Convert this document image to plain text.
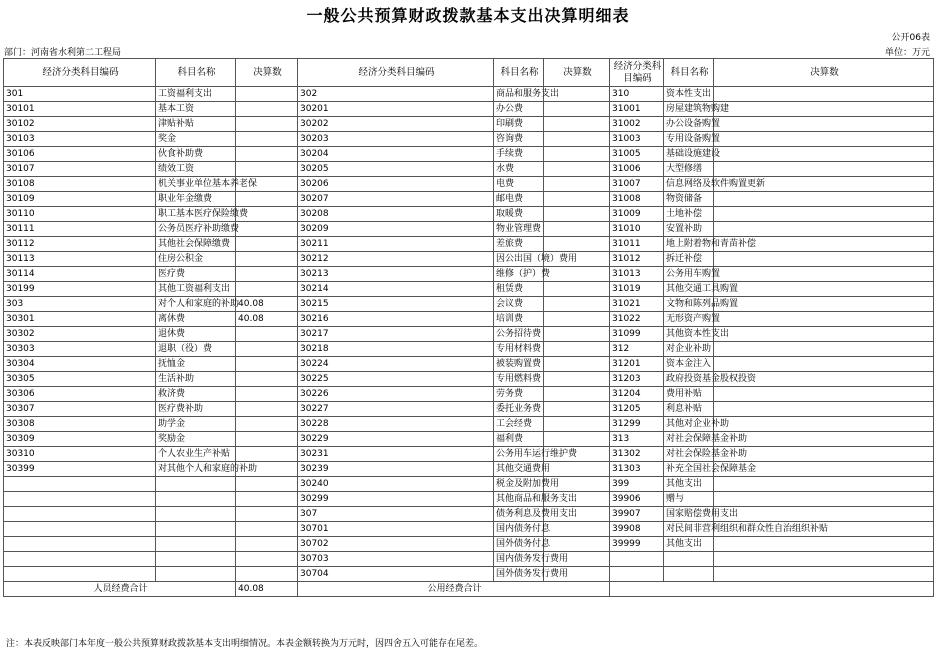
一般公共预算财政拨款基本支出决算明细表
公开06表
部门：河南省水利第二工程局	单位：万元
经济分类科目编码	科目名称	决算数	经济分类科目编码	科目名称	决算数	经济分类科目编码	科目名称	决算数
301	工资福利支出		302	商品和服务支出		310	资本性支出	
30101	基本工资		30201	办公费		31001	房屋建筑物购建	
30102	津贴补贴		30202	印刷费		31002	办公设备购置	
30103	奖金		30203	咨询费		31003	专用设备购置	
30106	伙食补助费		30204	手续费		31005	基础设施建设	
30107	绩效工资		30205	水费		31006	大型修缮	
30108	机关事业单位基本养老保		30206	电费		31007	信息网络及软件购置更新	
30109	职业年金缴费		30207	邮电费		31008	物资储备	
30110	职工基本医疗保险缴费		30208	取暖费		31009	土地补偿	
30111	公务员医疗补助缴费		30209	物业管理费		31010	安置补助	
30112	其他社会保障缴费		30211	差旅费		31011	地上附着物和青苗补偿	
30113	住房公积金		30212	因公出国（境）费用		31012	拆迁补偿	
30114	医疗费		30213	维修（护）费		31013	公务用车购置	
30199	其他工资福利支出		30214	租赁费		31019	其他交通工具购置	
303	对个人和家庭的补助	40.08	30215	会议费		31021	文物和陈列品购置	
30301	离休费	40.08	30216	培训费		31022	无形资产购置	
30302	退休费		30217	公务招待费		31099	其他资本性支出	
30303	退职（役）费		30218	专用材料费		312	对企业补助	
30304	抚恤金		30224	被装购置费		31201	资本金注入	
30305	生活补助		30225	专用燃料费		31203	政府投资基金股权投资	
30306	救济费		30226	劳务费		31204	费用补贴	
30307	医疗费补助		30227	委托业务费		31205	利息补贴	
30308	助学金		30228	工会经费		31299	其他对企业补助	
30309	奖励金		30229	福利费		313	对社会保障基金补助	
30310	个人农业生产补贴		30231	公务用车运行维护费		31302	对社会保险基金补助	
30399	对其他个人和家庭的补助		30239	其他交通费用		31303	补充全国社会保障基金	
			30240	税金及附加费用		399	其他支出	
			30299	其他商品和服务支出		39906	赠与	
			307	债务利息及费用支出		39907	国家赔偿费用支出	
			30701	国内债务付息		39908	对民间非营利组织和群众性自治组织补贴	
			30702	国外债务付息		39999	其他支出	
			30703	国内债务发行费用				
			30704	国外债务发行费用				
人员经费合计		40.08	公用经费合计					
注：本表反映部门本年度一般公共预算财政拨款基本支出明细情况。本表金额转换为万元时，因四舍五入可能存在尾差。
